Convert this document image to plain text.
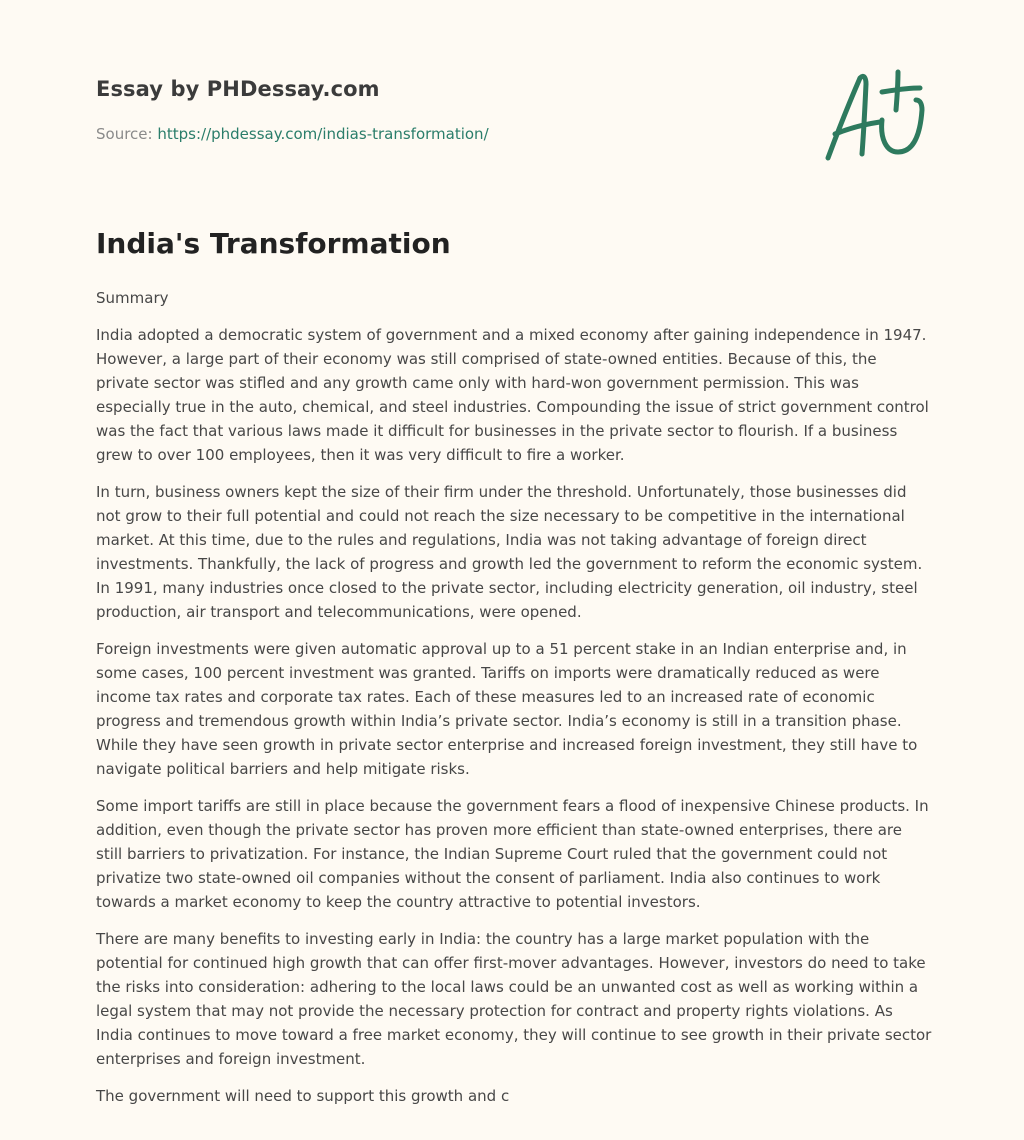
Essay by PHDessay.com
Source: https://phdessay.com/indias-transformation/
India's Transformation

Summary

India adopted a democratic system of government and a mixed economy after gaining independence in 1947. However, a large part of their economy was still comprised of state-owned entities. Because of this, the private sector was stifled and any growth came only with hard-won government permission. This was especially true in the auto, chemical, and steel industries. Compounding the issue of strict government control was the fact that various laws made it difficult for businesses in the private sector to flourish. If a business grew to over 100 employees, then it was very difficult to fire a worker.

In turn, business owners kept the size of their firm under the threshold. Unfortunately, those businesses did not grow to their full potential and could not reach the size necessary to be competitive in the international market. At this time, due to the rules and regulations, India was not taking advantage of foreign direct investments. Thankfully, the lack of progress and growth led the government to reform the economic system. In 1991, many industries once closed to the private sector, including electricity generation, oil industry, steel production, air transport and telecommunications, were opened.

Foreign investments were given automatic approval up to a 51 percent stake in an Indian enterprise and, in some cases, 100 percent investment was granted. Tariffs on imports were dramatically reduced as were income tax rates and corporate tax rates. Each of these measures led to an increased rate of economic progress and tremendous growth within India’s private sector. India’s economy is still in a transition phase. While they have seen growth in private sector enterprise and increased foreign investment, they still have to navigate political barriers and help mitigate risks.

Some import tariffs are still in place because the government fears a flood of inexpensive Chinese products. In addition, even though the private sector has proven more efficient than state-owned enterprises, there are still barriers to privatization. For instance, the Indian Supreme Court ruled that the government could not privatize two state-owned oil companies without the consent of parliament. India also continues to work towards a market economy to keep the country attractive to potential investors.

There are many benefits to investing early in India: the country has a large market population with the potential for continued high growth that can offer first-mover advantages. However, investors do need to take the risks into consideration: adhering to the local laws could be an unwanted cost as well as working within a legal system that may not provide the necessary protection for contract and property rights violations. As India continues to move toward a free market economy, they will continue to see growth in their private sector enterprises and foreign investment.

The government will need to support this growth and c
